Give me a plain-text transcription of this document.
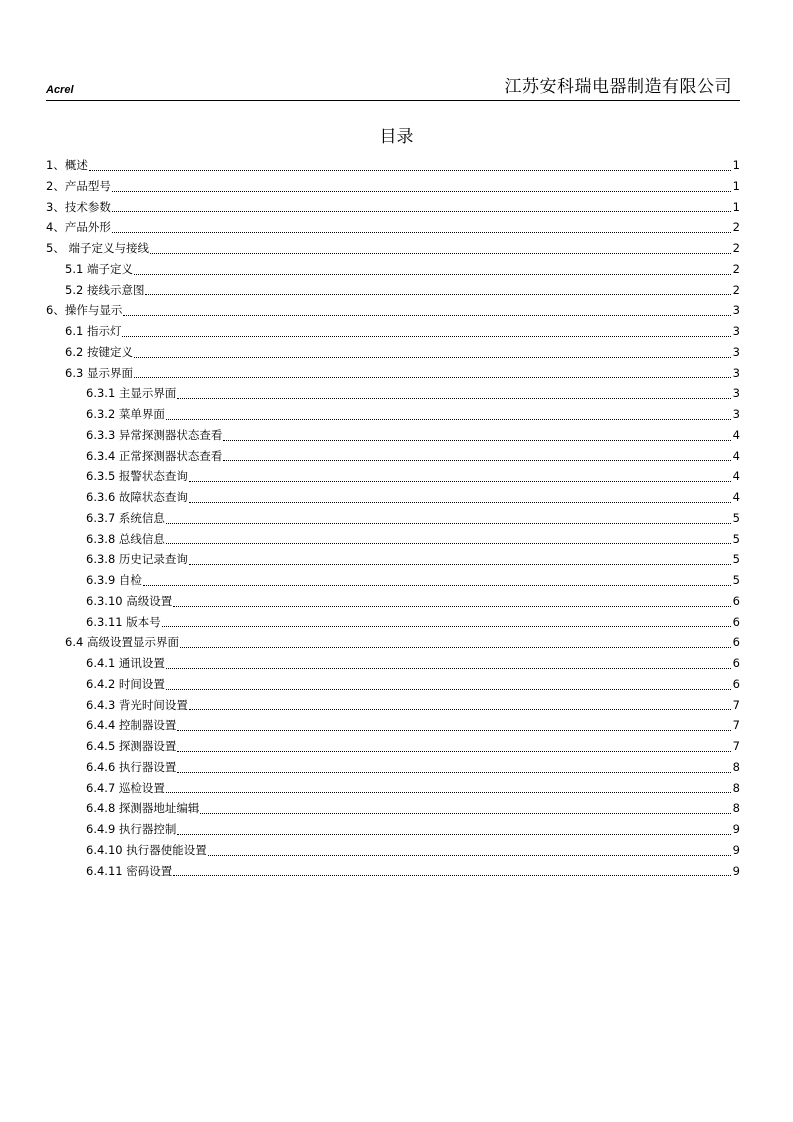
Acrel	江苏安科瑞电器制造有限公司
目录
1、概述	1
2、产品型号	1
3、技术参数	1
4、产品外形	2
5、 端子定义与接线	2
5.1 端子定义	2
5.2 接线示意图	2
6、操作与显示	3
6.1 指示灯	3
6.2 按键定义	3
6.3 显示界面	3
6.3.1 主显示界面	3
6.3.2 菜单界面	3
6.3.3 异常探测器状态查看	4
6.3.4 正常探测器状态查看	4
6.3.5 报警状态查询	4
6.3.6 故障状态查询	4
6.3.7 系统信息	5
6.3.8 总线信息	5
6.3.8 历史记录查询	5
6.3.9 自检	5
6.3.10 高级设置	6
6.3.11 版本号	6
6.4 高级设置显示界面	6
6.4.1 通讯设置	6
6.4.2 时间设置	6
6.4.3 背光时间设置	7
6.4.4 控制器设置	7
6.4.5 探测器设置	7
6.4.6 执行器设置	8
6.4.7 巡检设置	8
6.4.8 探测器地址编辑	8
6.4.9 执行器控制	9
6.4.10 执行器使能设置	9
6.4.11 密码设置	9
